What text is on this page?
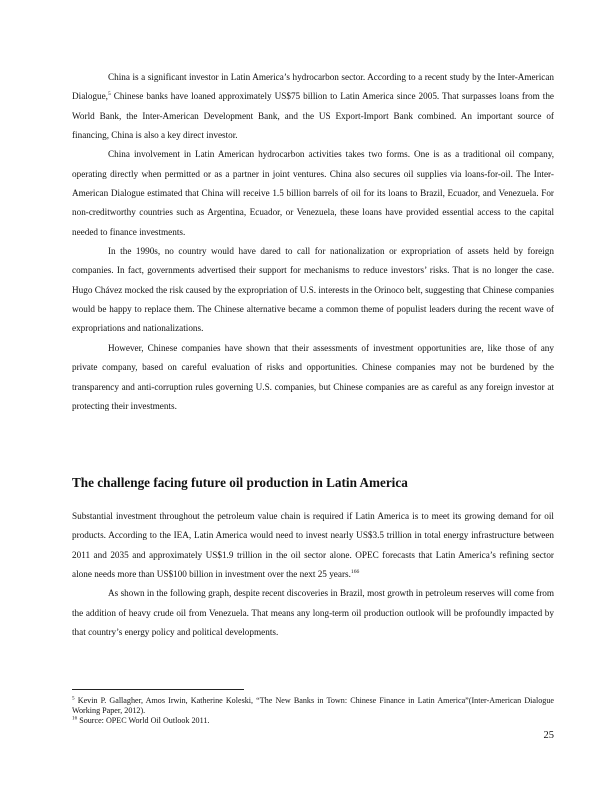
China is a significant investor in Latin America’s hydrocarbon sector. According to a recent study by the Inter-American Dialogue,$^5$ Chinese banks have loaned approximately US$75 billion to Latin America since 2005. That surpasses loans from the World Bank, the Inter-American Development Bank, and the US Export-Import Bank combined. An important source of financing, China is also a key direct investor.

China involvement in Latin American hydrocarbon activities takes two forms. One is as a traditional oil company, operating directly when permitted or as a partner in joint ventures. China also secures oil supplies via loans-for-oil. The Inter-American Dialogue estimated that China will receive 1.5 billion barrels of oil for its loans to Brazil, Ecuador, and Venezuela. For non-creditworthy countries such as Argentina, Ecuador, or Venezuela, these loans have provided essential access to the capital needed to finance investments.

In the 1990s, no country would have dared to call for nationalization or expropriation of assets held by foreign companies. In fact, governments advertised their support for mechanisms to reduce investors’ risks. That is no longer the case. Hugo Chávez mocked the risk caused by the expropriation of U.S. interests in the Orinoco belt, suggesting that Chinese companies would be happy to replace them. The Chinese alternative became a common theme of populist leaders during the recent wave of expropriations and nationalizations.

However, Chinese companies have shown that their assessments of investment opportunities are, like those of any private company, based on careful evaluation of risks and opportunities. Chinese companies may not be burdened by the transparency and anti-corruption rules governing U.S. companies, but Chinese companies are as careful as any foreign investor at protecting their investments.

The challenge facing future oil production in Latin America

Substantial investment throughout the petroleum value chain is required if Latin America is to meet its growing demand for oil products. According to the IEA, Latin America would need to invest nearly US$3.5 trillion in total energy infrastructure between 2011 and 2035 and approximately US$1.9 trillion in the oil sector alone. OPEC forecasts that Latin America’s refining sector alone needs more than US$100 billion in investment over the next 25 years.$^{166}$

As shown in the following graph, despite recent discoveries in Brazil, most growth in petroleum reserves will come from the addition of heavy crude oil from Venezuela. That means any long-term oil production outlook will be profoundly impacted by that country’s energy policy and political developments.

$^5$ Kevin P. Gallagher, Amos Irwin, Katherine Koleski, “The New Banks in Town: Chinese Finance in Latin America”(Inter-American Dialogue Working Paper, 2012).

$^{16}$ Source: OPEC World Oil Outlook 2011.

25
